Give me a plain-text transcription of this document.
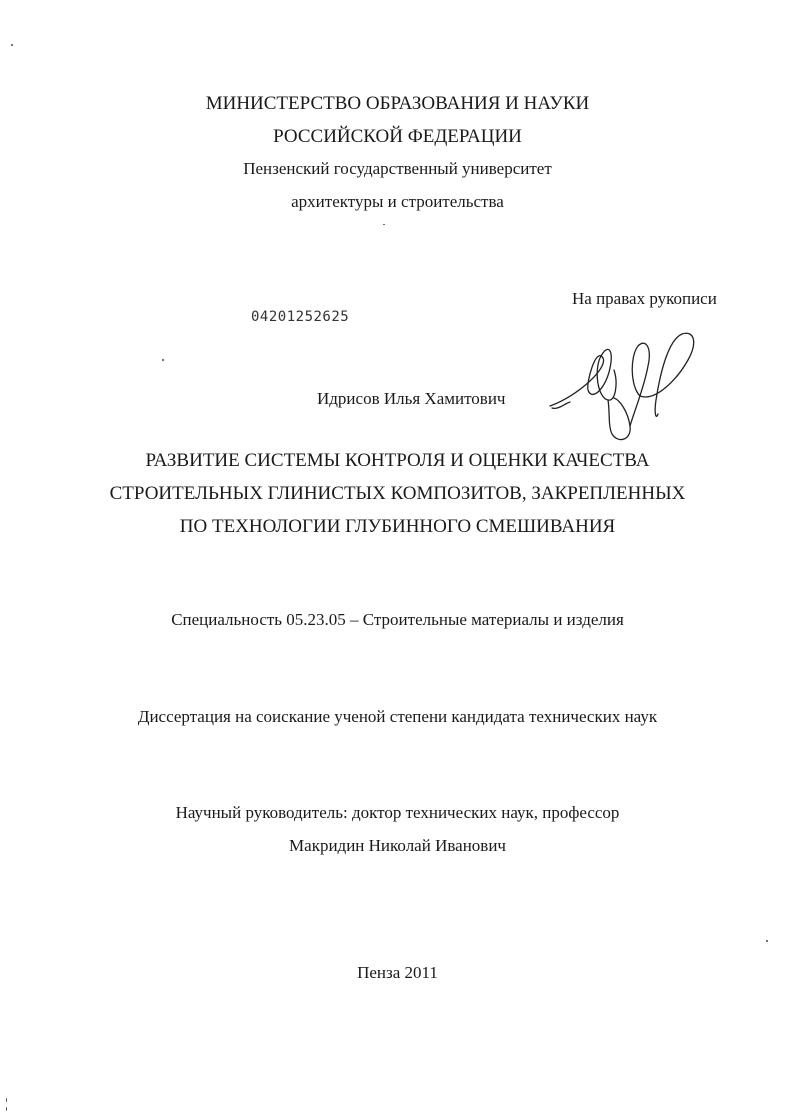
МИНИСТЕРСТВО ОБРАЗОВАНИЯ И НАУКИ
РОССИЙСКОЙ ФЕДЕРАЦИИ
Пензенский государственный университет
архитектуры и строительства
На правах рукописи
04201252625
Идрисов Илья Хамитович
РАЗВИТИЕ СИСТЕМЫ КОНТРОЛЯ И ОЦЕНКИ КАЧЕСТВА
СТРОИТЕЛЬНЫХ ГЛИНИСТЫХ КОМПОЗИТОВ, ЗАКРЕПЛЕННЫХ
ПО ТЕХНОЛОГИИ ГЛУБИННОГО СМЕШИВАНИЯ
Специальность 05.23.05 – Строительные материалы и изделия
Диссертация на соискание ученой степени кандидата технических наук
Научный руководитель: доктор технических наук, профессор
Макридин Николай Иванович
Пенза 2011
